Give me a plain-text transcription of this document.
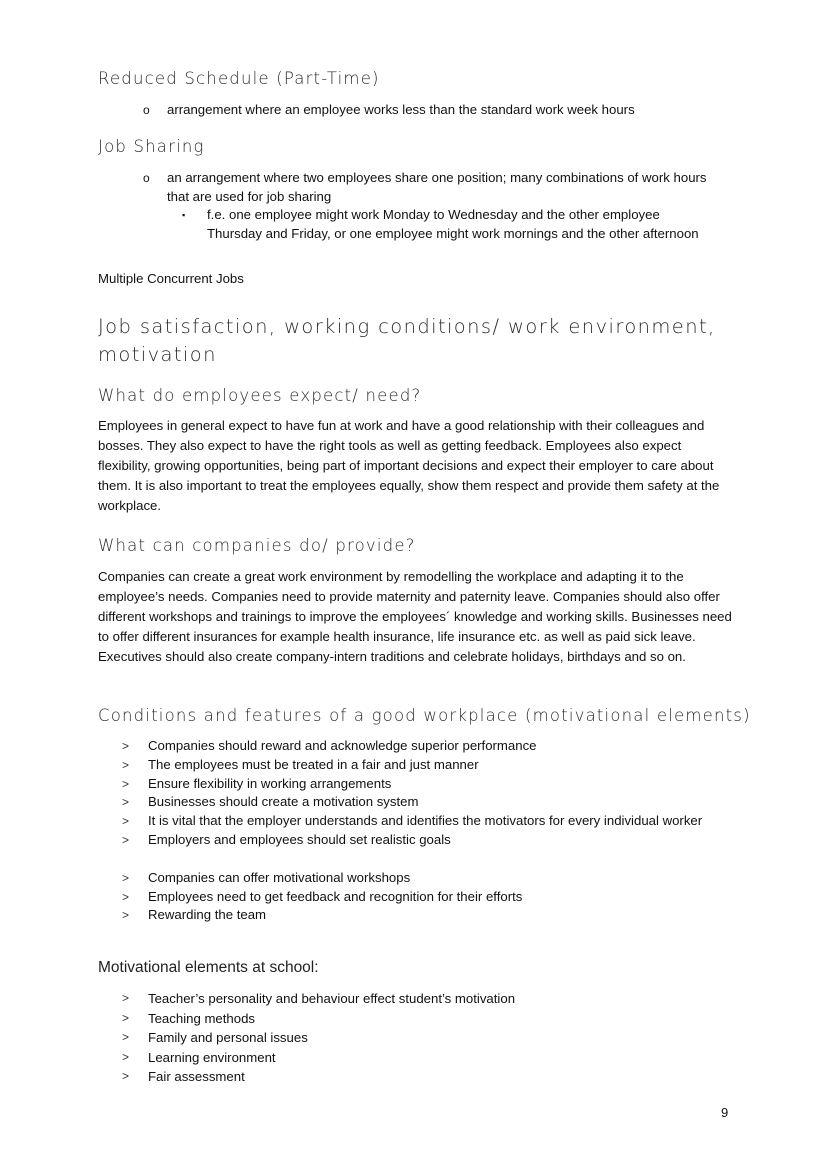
Reduced Schedule (Part-Time)
o arrangement where an employee works less than the standard work week hours
Job Sharing
o an arrangement where two employees share one position; many combinations of work hours that are used for job sharing
▪ f.e. one employee might work Monday to Wednesday and the other employee Thursday and Friday, or one employee might work mornings and the other afternoon
Multiple Concurrent Jobs
Job satisfaction, working conditions/ work environment, motivation
What do employees expect/ need?

Employees in general expect to have fun at work and have a good relationship with their colleagues and bosses. They also expect to have the right tools as well as getting feedback. Employees also expect flexibility, growing opportunities, being part of important decisions and expect their employer to care about them. It is also important to treat the employees equally, show them respect and provide them safety at the workplace.

What can companies do/ provide?

Companies can create a great work environment by remodelling the workplace and adapting it to the employee’s needs. Companies need to provide maternity and paternity leave. Companies should also offer different workshops and trainings to improve the employees´ knowledge and working skills. Businesses need to offer different insurances for example health insurance, life insurance etc. as well as paid sick leave. Executives should also create company-intern traditions and celebrate holidays, birthdays and so on.

Conditions and features of a good workplace (motivational elements)
> Companies should reward and acknowledge superior performance
> The employees must be treated in a fair and just manner
> Ensure flexibility in working arrangements
> Businesses should create a motivation system
> It is vital that the employer understands and identifies the motivators for every individual worker
> Employers and employees should set realistic goals
> Companies can offer motivational workshops
> Employees need to get feedback and recognition for their efforts
> Rewarding the team
Motivational elements at school:
> Teacher’s personality and behaviour effect student’s motivation
> Teaching methods
> Family and personal issues
> Learning environment
> Fair assessment
9
